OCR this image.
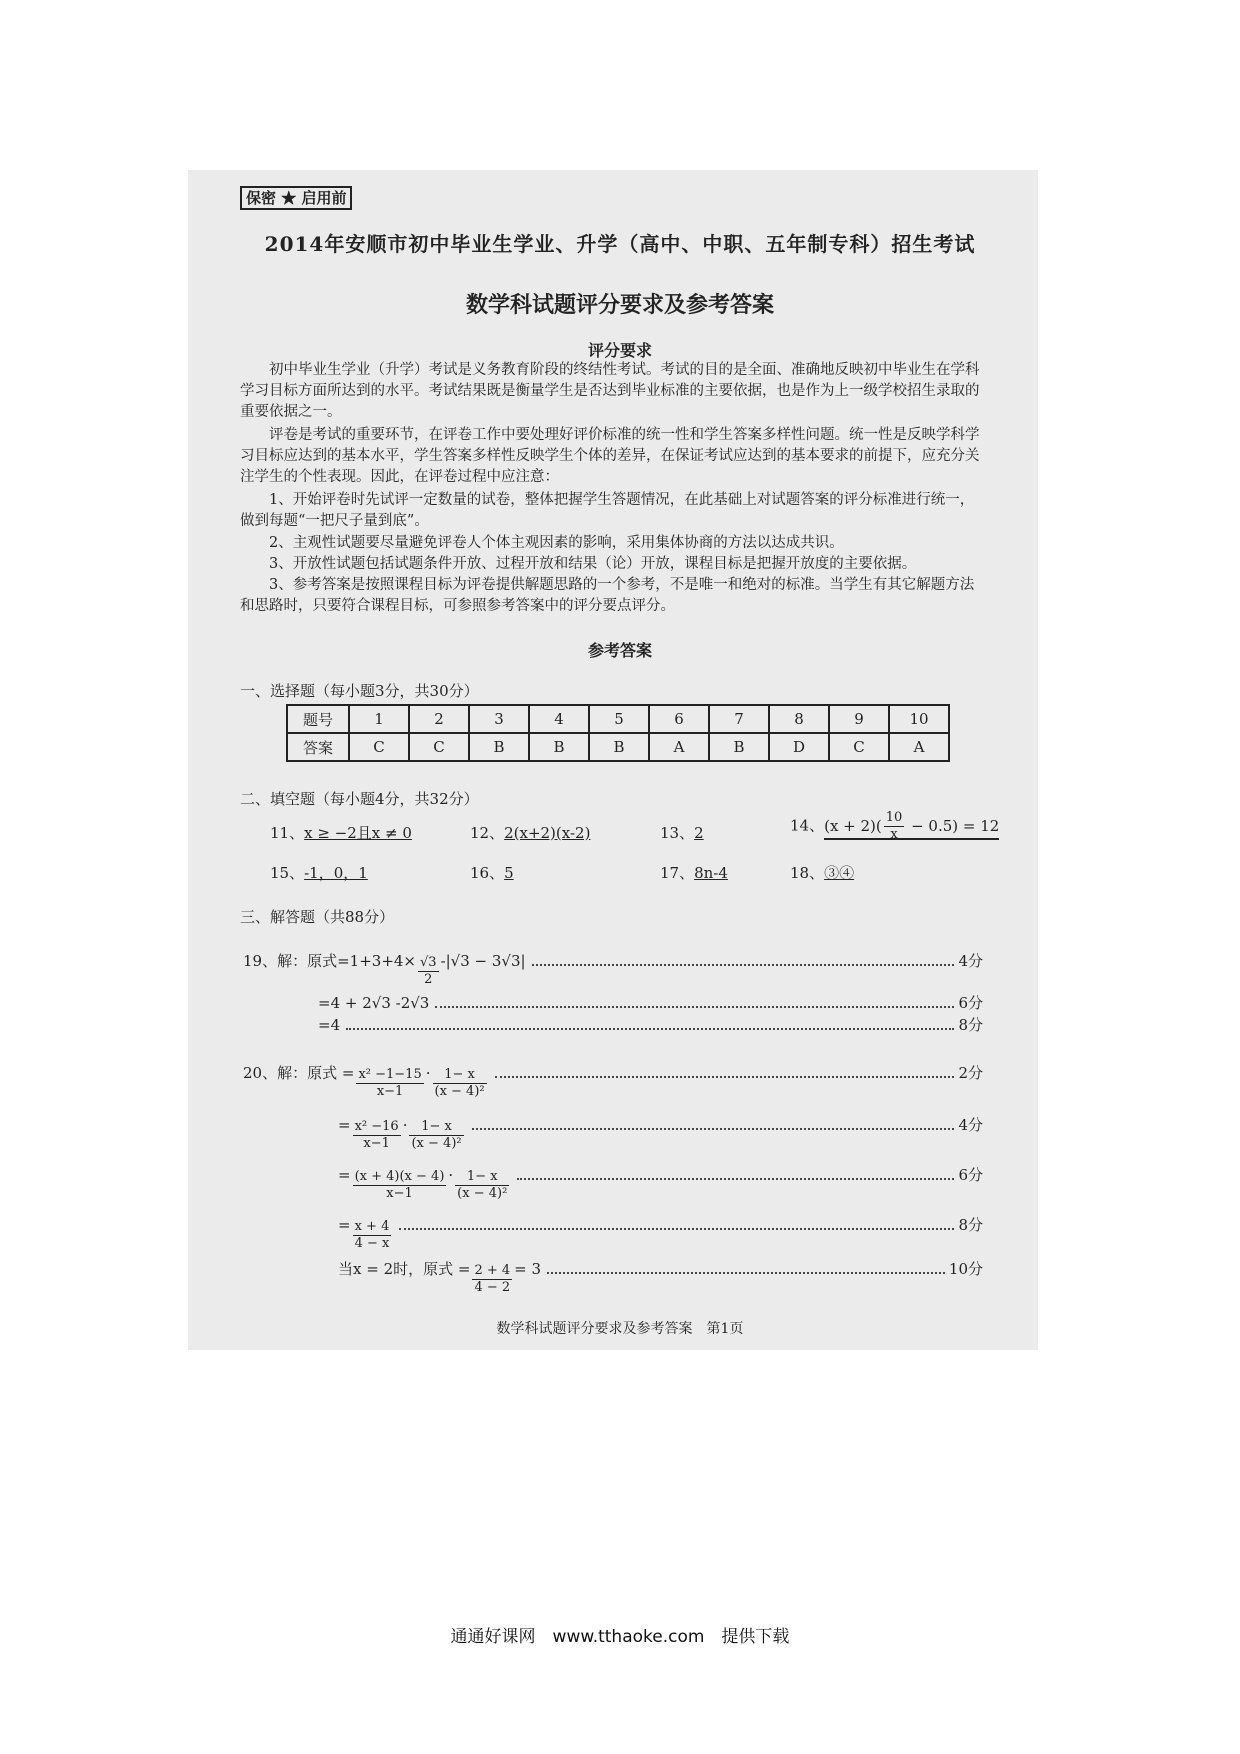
保密 ★ 启用前
2014年安顺市初中毕业生学业、升学（高中、中职、五年制专科）招生考试
数学科试题评分要求及参考答案
评分要求
初中毕业生学业（升学）考试是义务教育阶段的终结性考试。考试的目的是全面、准确地反映初中毕业生在学科学习目标方面所达到的水平。考试结果既是衡量学生是否达到毕业标准的主要依据，也是作为上一级学校招生录取的重要依据之一。
评卷是考试的重要环节，在评卷工作中要处理好评价标准的统一性和学生答案多样性问题。统一性是反映学科学习目标应达到的基本水平，学生答案多样性反映学生个体的差异，在保证考试应达到的基本要求的前提下，应充分关注学生的个性表现。因此，在评卷过程中应注意：
1、开始评卷时先试评一定数量的试卷，整体把握学生答题情况，在此基础上对试题答案的评分标准进行统一，做到每题“一把尺子量到底”。
2、主观性试题要尽量避免评卷人个体主观因素的影响，采用集体协商的方法以达成共识。
3、开放性试题包括试题条件开放、过程开放和结果（论）开放，课程目标是把握开放度的主要依据。
3、参考答案是按照课程目标为评卷提供解题思路的一个参考，不是唯一和绝对的标准。当学生有其它解题方法和思路时，只要符合课程目标，可参照参考答案中的评分要点评分。
参考答案
一、选择题（每小题3分，共30分）
题号	1	2	3	4	5	6	7	8	9	10
答案	C	C	B	B	B	A	B	D	C	A
二、填空题（每小题4分，共32分）
11、x ≥ −2且x ≠ 0	12、2(x+2)(x-2)	13、2	14、$(x + 2)( \frac{10}{x} - 0.5) = 12$
15、-1，0，1	16、5	17、8n-4	18、③④
三、解答题（共88分）
19、解： 原式$=1+3+4\times \frac{√3}{2} -|√3 - 3√3|$	4分
=4 + 2√3 -2√3	6分
=4	8分
20、解： 原式 = $\frac{\text{x² −1−15}}{x-1} \cdot \frac{1- x}{\text{(x − 4)²}}$	2分
= $\frac{\text{x² −16}}{x-1} \cdot \frac{1- x}{\text{(x − 4)²}}$	4分
= $\frac{(x + 4)(x - 4)}{x-1} \cdot \frac{1- x}{\text{(x − 4)²}}$	6分
= $\frac{x + 4}{4 - x}$	8分
当x = 2时，原式 = $\frac{2 + 4}{4 - 2} = 3$	10分
数学科试题评分要求及参考答案　第1页
通通好课网　www.tthaoke.com　提供下载
